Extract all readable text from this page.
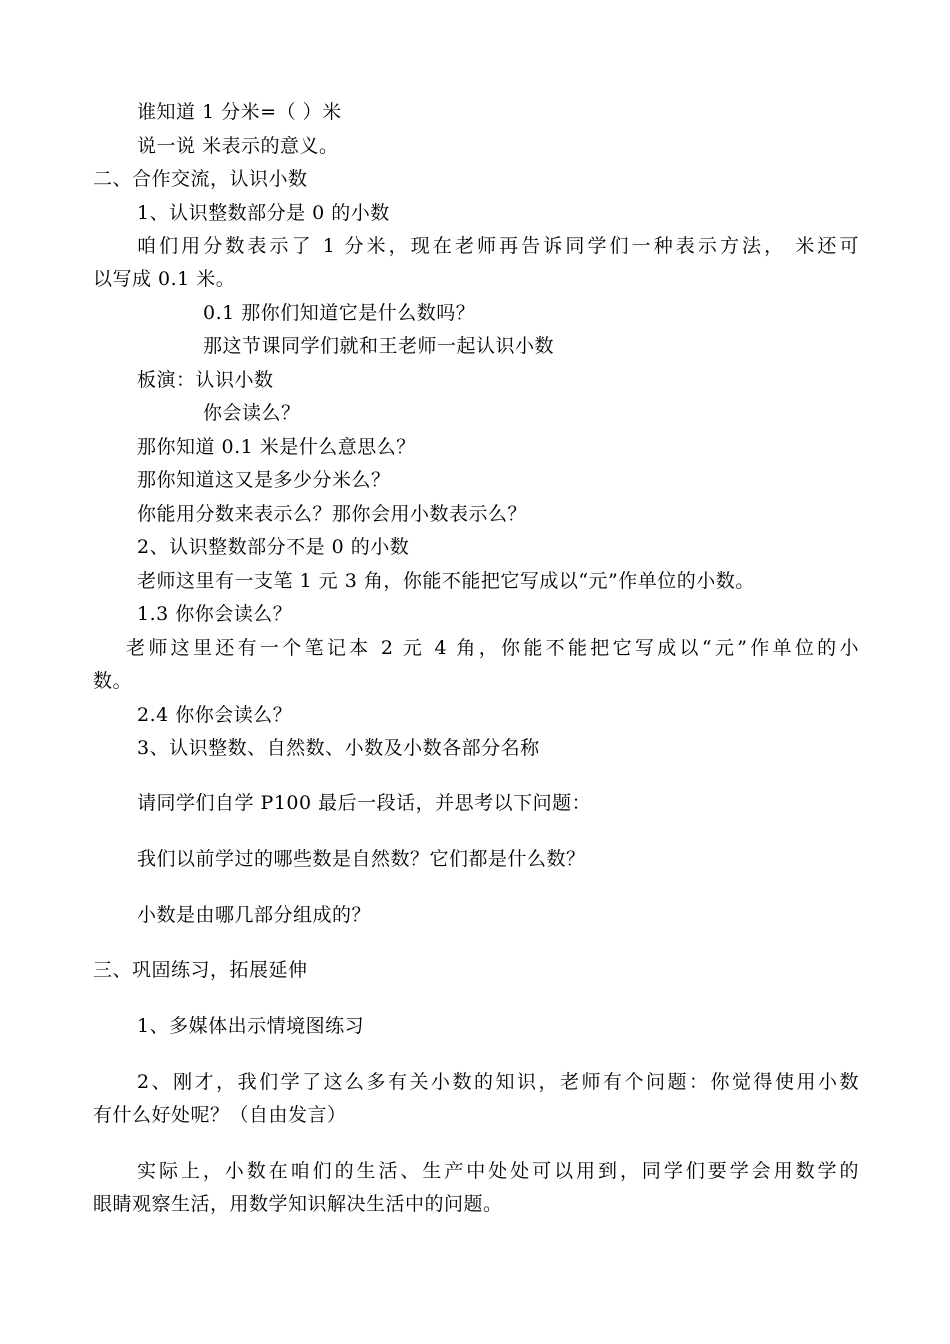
谁知道 1 分米=（ ）米
说一说 米表示的意义。
二、合作交流，认识小数
1、认识整数部分是 0 的小数
咱们用分数表示了 1 分米，现在老师再告诉同学们一种表示方法， 米还可
以写成 0.1 米。
0.1 那你们知道它是什么数吗？
那这节课同学们就和王老师一起认识小数
板演：认识小数
你会读么？
那你知道 0.1 米是什么意思么？
那你知道这又是多少分米么？
你能用分数来表示么？那你会用小数表示么？
2、认识整数部分不是 0 的小数
老师这里有一支笔 1 元 3 角，你能不能把它写成以“元”作单位的小数。
1.3 你你会读么？
老师这里还有一个笔记本 2 元 4 角，你能不能把它写成以“元”作单位的小
数。
2.4 你你会读么？
3、认识整数、自然数、小数及小数各部分名称
请同学们自学 P100 最后一段话，并思考以下问题：
我们以前学过的哪些数是自然数？它们都是什么数？
小数是由哪几部分组成的？
三、巩固练习，拓展延伸
1、多媒体出示情境图练习
2、刚才，我们学了这么多有关小数的知识，老师有个问题：你觉得使用小数
有什么好处呢？（自由发言）
实际上，小数在咱们的生活、生产中处处可以用到，同学们要学会用数学的
眼睛观察生活，用数学知识解决生活中的问题。
